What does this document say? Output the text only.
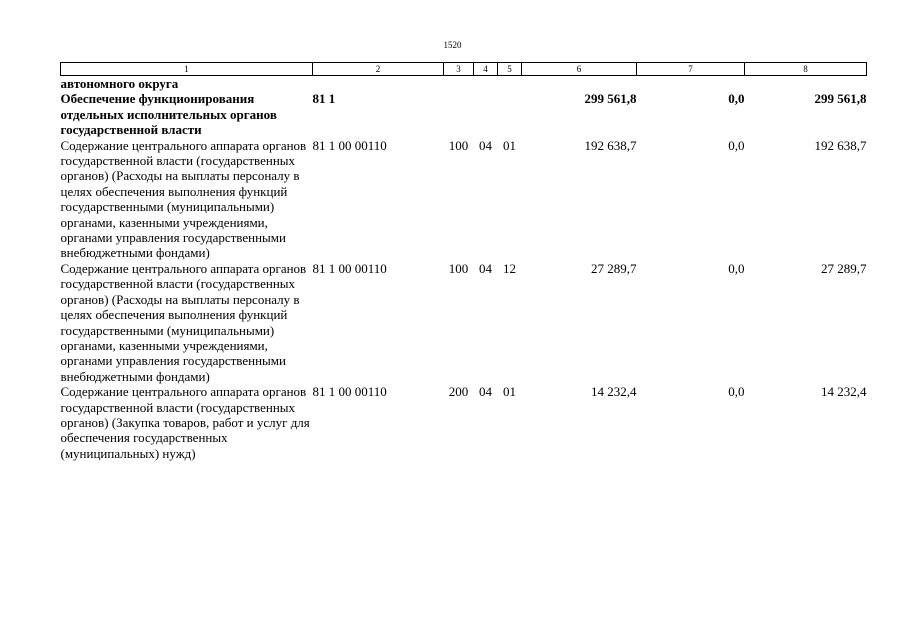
1520
1	2	3	4	5	6	7	8
автономного округа							
Обеспечение функционирования отдельных исполнительных органов государственной власти	81 1				299 561,8	0,0	299 561,8
Содержание центрального аппарата органов государственной власти (государственных органов) (Расходы на выплаты персоналу в целях обеспечения выполнения функций государственными (муниципальными) органами, казенными учреждениями, органами управления государственными внебюджетными фондами)	81 1 00 00110	100	04	01	192 638,7	0,0	192 638,7
Содержание центрального аппарата органов государственной власти (государственных органов) (Расходы на выплаты персоналу в целях обеспечения выполнения функций государственными (муниципальными) органами, казенными учреждениями, органами управления государственными внебюджетными фондами)	81 1 00 00110	100	04	12	27 289,7	0,0	27 289,7
Содержание центрального аппарата органов государственной власти (государственных органов) (Закупка товаров, работ и услуг для обеспечения государственных (муниципальных) нужд)	81 1 00 00110	200	04	01	14 232,4	0,0	14 232,4
